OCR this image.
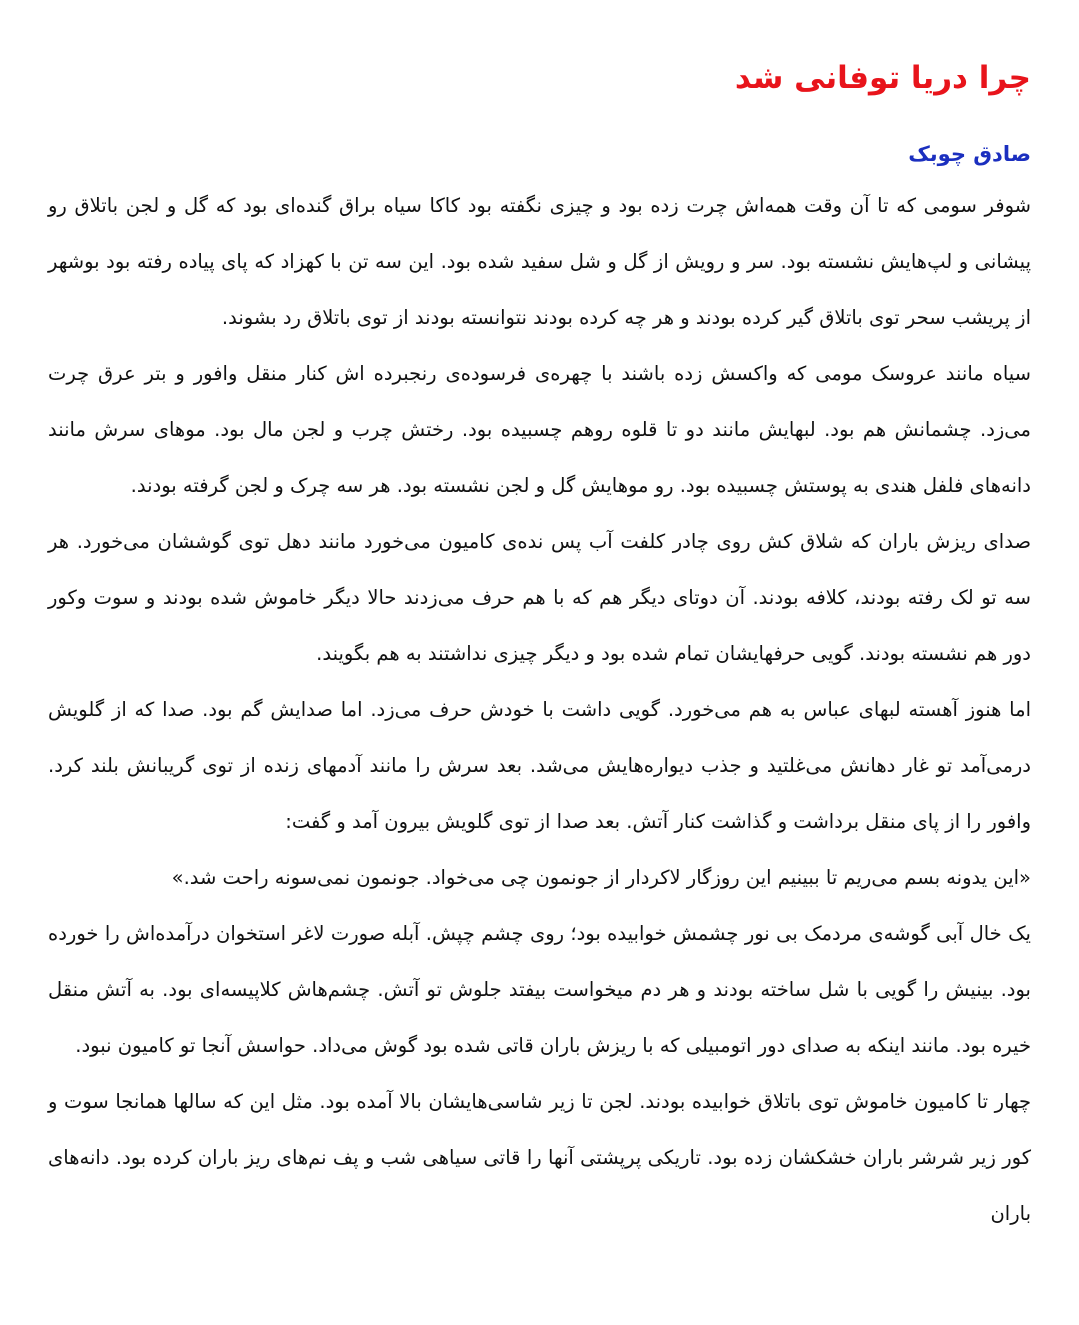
چرا دریا توفانی شد
صادق چوبک

شوفر سومی که تا آن وقت همه‌اش چرت زده بود و چیزی نگفته بود کاکا سیاه براق گنده‌ای بود که گل و لجن باتلاق رو پیشانی و لپ‌هایش نشسته بود. سر و رویش از گل و شل سفید شده بود. این سه تن با کهزاد که پای پیاده رفته بود بوشهر از پریشب سحر توی باتلاق گیر کرده بودند و هر چه کرده بودند نتوانسته بودند از توی باتلاق رد بشوند.

سیاه مانند عروسک مومی که واکسش زده باشند با چهره‌ی فرسوده‌ی رنجبرده اش کنار منقل وافور و بتر عرق چرت می‌زد. چشمانش هم بود. لبهایش مانند دو تا قلوه روهم چسبیده بود. رختش چرب و لجن مال بود. موهای سرش مانند دانه‌های فلفل هندی به پوستش چسبیده بود. رو موهایش گل و لجن نشسته بود. هر سه چرک و لجن گرفته بودند.

صدای ریزش باران که شلاق کش روی چادر کلفت آب پس نده‌ی کامیون می‌خورد مانند دهل توی گوششان می‌خورد. هر سه تو لک رفته بودند، کلافه بودند. آن دوتای دیگر هم که با هم حرف می‌زدند حالا دیگر خاموش شده بودند و سوت وکور دور هم نشسته بودند. گویی حرفهایشان تمام شده بود و دیگر چیزی نداشتند به هم بگویند.

اما هنوز آهسته لبهای عباس به هم می‌خورد. گویی داشت با خودش حرف می‌زد. اما صدایش گم بود. صدا که از گلویش درمی‌آمد تو غار دهانش می‌غلتید و جذب دیواره‌هایش می‌شد. بعد سرش را مانند آدمهای زنده از توی گریبانش بلند کرد. وافور را از پای منقل برداشت و گذاشت کنار آتش. بعد صدا از توی گلویش بیرون آمد و گفت:

«این یدونه بسم می‌ریم تا ببینیم این روزگار لاکردار از جونمون چی می‌خواد. جونمون نمی‌سونه راحت شد.»

یک خال آبی گوشه‌ی مردمک بی نور چشمش خوابیده بود؛ روی چشم چپش. آبله صورت لاغر استخوان درآمده‌اش را خورده بود. بینیش را گویی با شل ساخته بودند و هر دم میخواست بیفتد جلوش تو آتش. چشم‌هاش کلاپیسه‌ای بود. به آتش منقل خیره بود. مانند اینکه به صدای دور اتومبیلی که با ریزش باران قاتی شده بود گوش می‌داد. حواسش آنجا تو کامیون نبود.

چهار تا کامیون خاموش توی باتلاق خوابیده بودند. لجن تا زیر شاسی‌هایشان بالا آمده بود. مثل این که سالها همانجا سوت و کور زیر شرشر باران خشکشان زده بود. تاریکی پرپشتی آنها را قاتی سیاهی شب و پف نم‌های ریز باران کرده بود. دانه‌های باران
